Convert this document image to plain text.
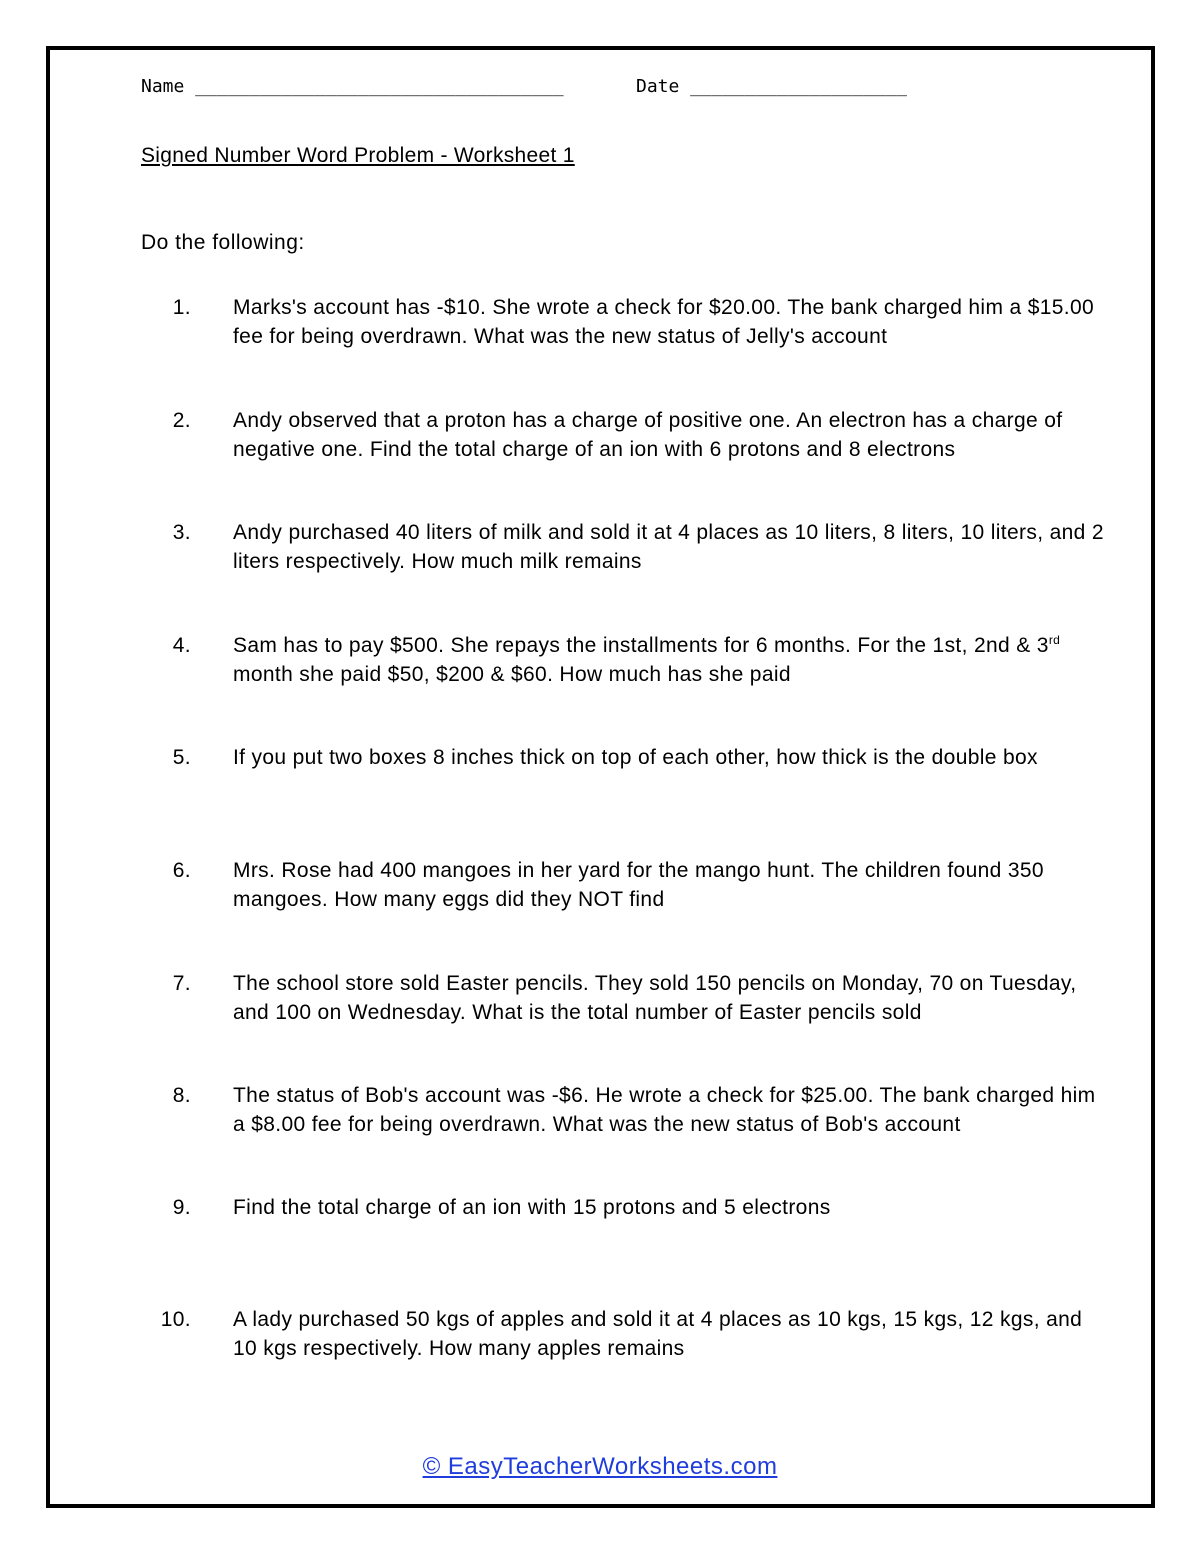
Name __________________________________	Date ____________________
Signed Number Word Problem - Worksheet 1
Do the following:
1. Marks's account has -$10. She wrote a check for $20.00. The bank charged him a $15.00 fee for being overdrawn. What was the new status of Jelly's account
2. Andy observed that a proton has a charge of positive one. An electron has a charge of negative one. Find the total charge of an ion with 6 protons and 8 electrons
3. Andy purchased 40 liters of milk and sold it at 4 places as 10 liters, 8 liters, 10 liters, and 2 liters respectively. How much milk remains
4. Sam has to pay $500. She repays the installments for 6 months. For the 1st, 2nd & 3rd month she paid $50, $200 & $60. How much has she paid
5. If you put two boxes 8 inches thick on top of each other, how thick is the double box
6. Mrs. Rose had 400 mangoes in her yard for the mango hunt. The children found 350 mangoes. How many eggs did they NOT find
7. The school store sold Easter pencils. They sold 150 pencils on Monday, 70 on Tuesday, and 100 on Wednesday. What is the total number of Easter pencils sold
8. The status of Bob's account was -$6. He wrote a check for $25.00. The bank charged him a $8.00 fee for being overdrawn. What was the new status of Bob's account
9. Find the total charge of an ion with 15 protons and 5 electrons
10. A lady purchased 50 kgs of apples and sold it at 4 places as 10 kgs, 15 kgs, 12 kgs, and 10 kgs respectively. How many apples remains
© EasyTeacherWorksheets.com
